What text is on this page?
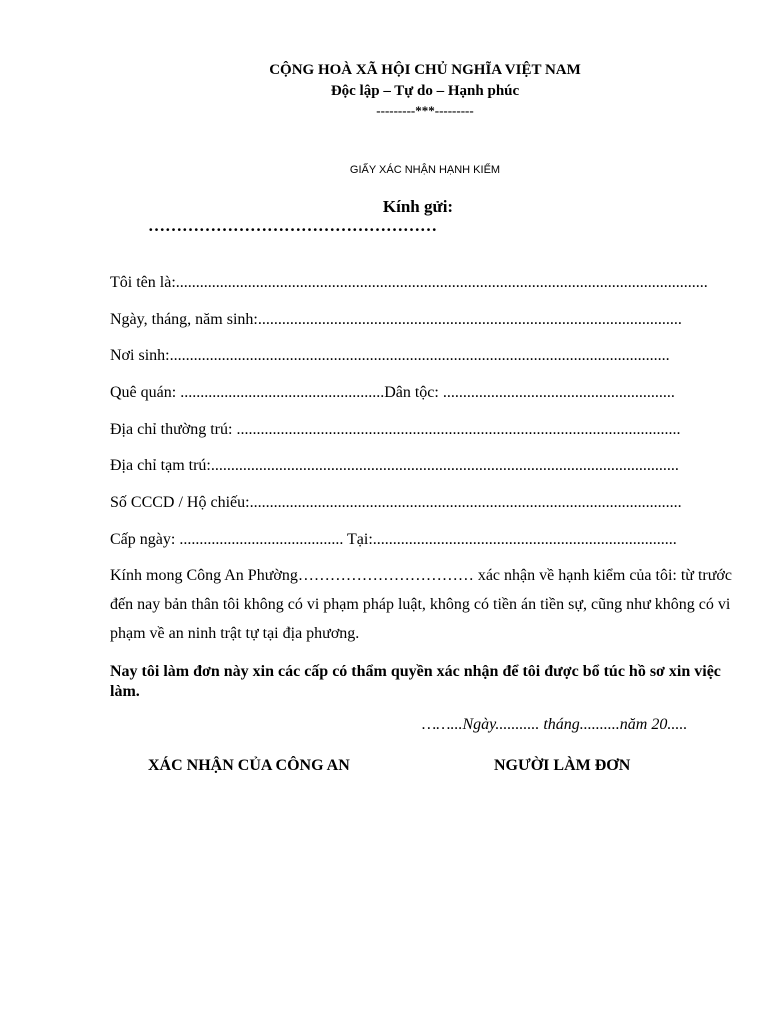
CỘNG HOÀ XÃ HỘI CHỦ NGHĨA VIỆT NAM
Độc lập – Tự do – Hạnh phúc
---------***---------
GIẤY XÁC NHẬN HẠNH KIỂM
Kính gửi:
……………………………………………
Tôi tên là:.....................................................................................................................................
Ngày, tháng, năm sinh:..........................................................................................................
Nơi sinh:.............................................................................................................................
Quê quán: ...................................................Dân tộc: ..........................................................
Địa chỉ thường trú: ...............................................................................................................
Địa chỉ tạm trú:.....................................................................................................................
Số CCCD / Hộ chiếu:............................................................................................................
Cấp ngày: ......................................... Tại:............................................................................
Kính mong Công An Phường…………………………… xác nhận về hạnh kiểm của tôi: từ trước đến nay bản thân tôi không có vi phạm pháp luật, không có tiền án tiền sự, cũng như không có vi phạm về an ninh trật tự tại địa phương.
Nay tôi làm đơn này xin các cấp có thẩm quyền xác nhận để tôi được bổ túc hồ sơ xin việc làm.
……...Ngày........... tháng..........năm 20.....
XÁC NHẬN CỦA CÔNG AN	NGƯỜI LÀM ĐƠN
